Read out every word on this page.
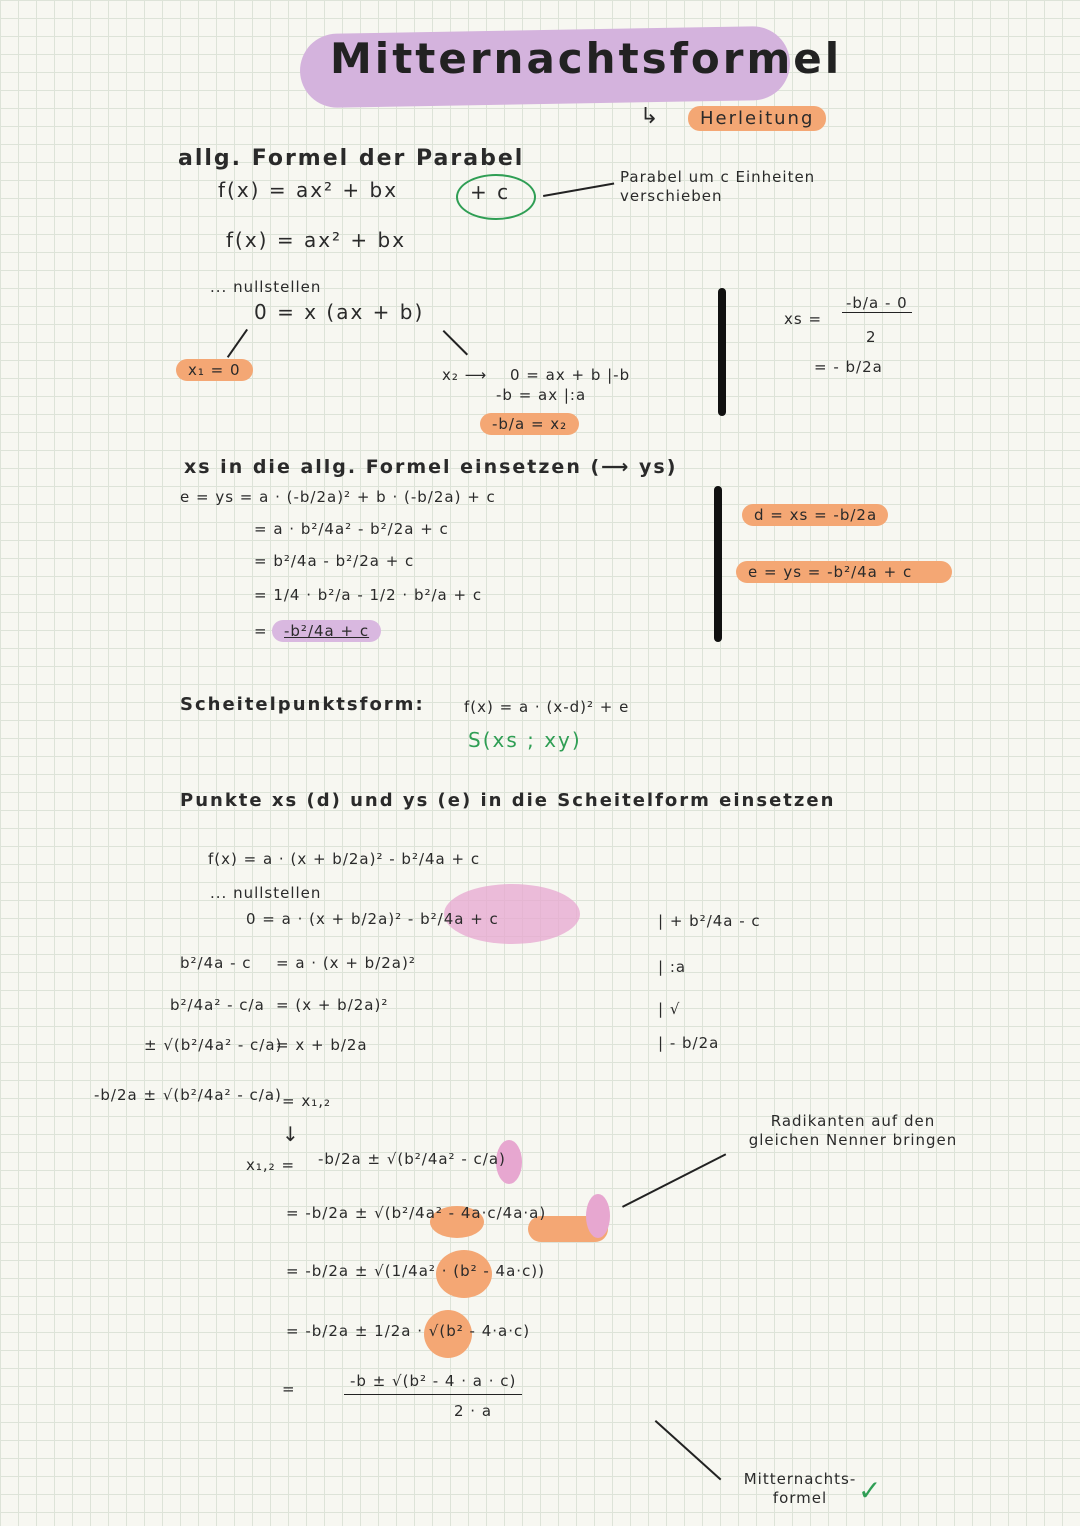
Mitternachtsformel
↳	Herleitung
allg. Formel der Parabel
f(x) = ax² + bx	+ c
Parabel um c Einheiten verschieben
f(x) = ax² + bx
... nullstellen
0 = x (ax + b)
x₁ = 0	x₂ ⟶ 0 = ax + b |-b
-b = ax |:a
-b/a = x₂
xs =
-b/a - 0
2
= - b/2a
xs in die allg. Formel einsetzen (⟶ ys)
e = ys = a · (-b/2a)² + b · (-b/2a) + c
= a · b²/4a² - b²/2a + c
= b²/4a - b²/2a + c
= 1/4 · b²/a - 1/2 · b²/a + c
=	-b²/4a + c
d = xs = -b/2a
e = ys = -b²/4a + c
Scheitelpunktsform:	f(x) = a · (x-d)² + e
S(xs ; xy)
Punkte xs (d) und ys (e) in die Scheitelform einsetzen
f(x) = a · (x + b/2a)² - b²/4a + c
... nullstellen
0 = a · (x + b/2a)² - b²/4a + c
b²/4a - c = a · (x + b/2a)²
b²/4a² - c/a = (x + b/2a)²
± √(b²/4a² - c/a)
= x + b/2a
-b/2a ± √(b²/4a² - c/a) = x₁,₂
| + b²/4a - c
| :a
| √
| - b/2a
↓
x₁,₂ = -b/2a ± √(b²/4a² - c/a)
= -b/2a ± √(b²/4a² - 4a·c/4a·a)
= -b/2a ± √(1/4a² · (b² - 4a·c))
= -b/2a ± 1/2a · √(b² - 4·a·c)
=	-b ± √(b² - 4 · a · c)
2 · a
Radikanten auf den gleichen Nenner bringen
Mitternachts- formel	✓
